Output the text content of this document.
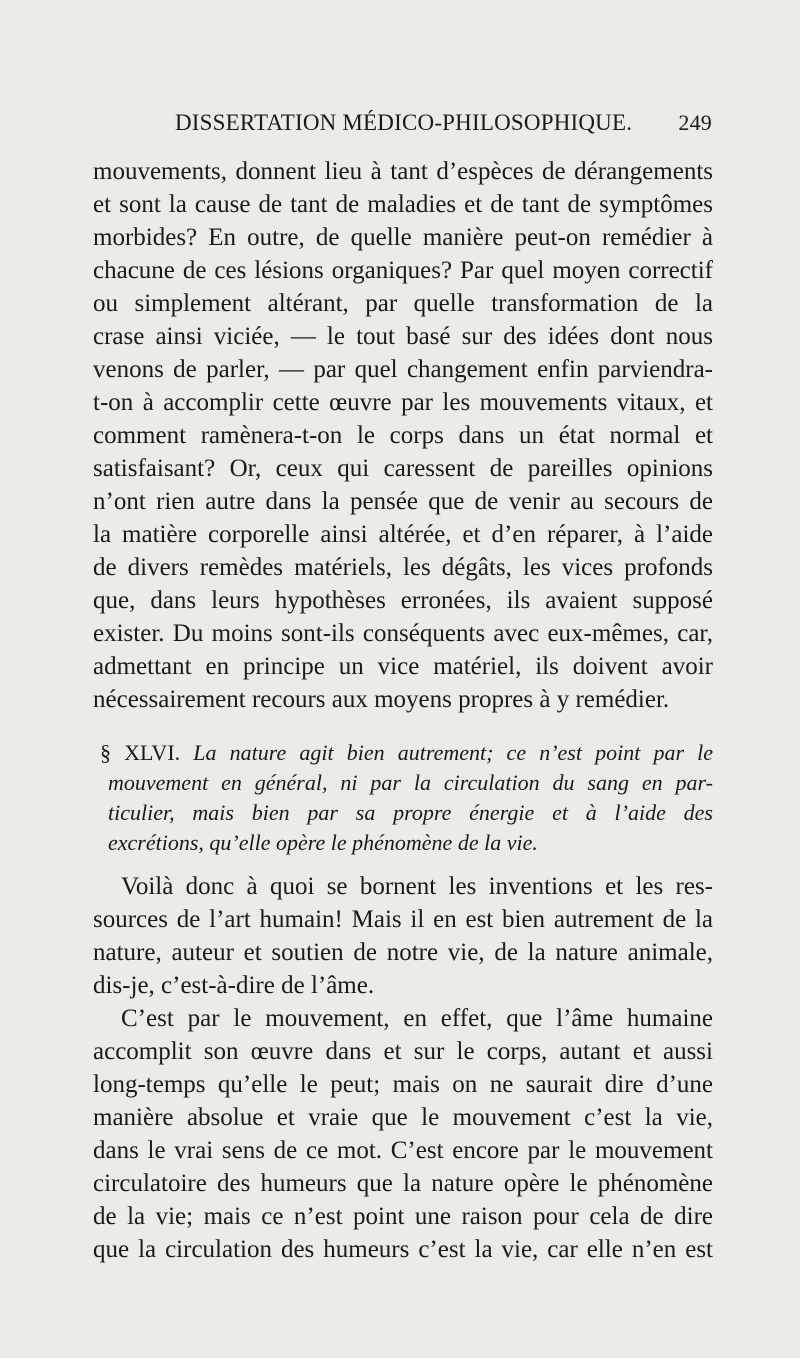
DISSERTATION MÉDICO-PHILOSOPHIQUE. 249
mouvements, donnent lieu à tant d’espèces de dérangements
et sont la cause de tant de maladies et de tant de symptômes
morbides? En outre, de quelle manière peut-on remédier à
chacune de ces lésions organiques? Par quel moyen correctif
ou simplement altérant, par quelle transformation de la
crase ainsi viciée, — le tout basé sur des idées dont nous
venons de parler, — par quel changement enfin parviendra-
t-on à accomplir cette œuvre par les mouvements vitaux, et
comment ramènera-t-on le corps dans un état normal et
satisfaisant? Or, ceux qui caressent de pareilles opinions
n’ont rien autre dans la pensée que de venir au secours de
la matière corporelle ainsi altérée, et d’en réparer, à l’aide
de divers remèdes matériels, les dégâts, les vices profonds
que, dans leurs hypothèses erronées, ils avaient supposé
exister. Du moins sont-ils conséquents avec eux-mêmes, car,
admettant en principe un vice matériel, ils doivent avoir
nécessairement recours aux moyens propres à y remédier.
§ XLVI. La nature agit bien autrement; ce n’est point par le
mouvement en général, ni par la circulation du sang en par-
ticulier, mais bien par sa propre énergie et à l’aide des
excrétions, qu’elle opère le phénomène de la vie.
Voilà donc à quoi se bornent les inventions et les res-
sources de l’art humain! Mais il en est bien autrement de la
nature, auteur et soutien de notre vie, de la nature animale,
dis-je, c’est-à-dire de l’âme.
C’est par le mouvement, en effet, que l’âme humaine
accomplit son œuvre dans et sur le corps, autant et aussi
long-temps qu’elle le peut; mais on ne saurait dire d’une
manière absolue et vraie que le mouvement c’est la vie,
dans le vrai sens de ce mot. C’est encore par le mouvement
circulatoire des humeurs que la nature opère le phénomène
de la vie; mais ce n’est point une raison pour cela de dire
que la circulation des humeurs c’est la vie, car elle n’en est
